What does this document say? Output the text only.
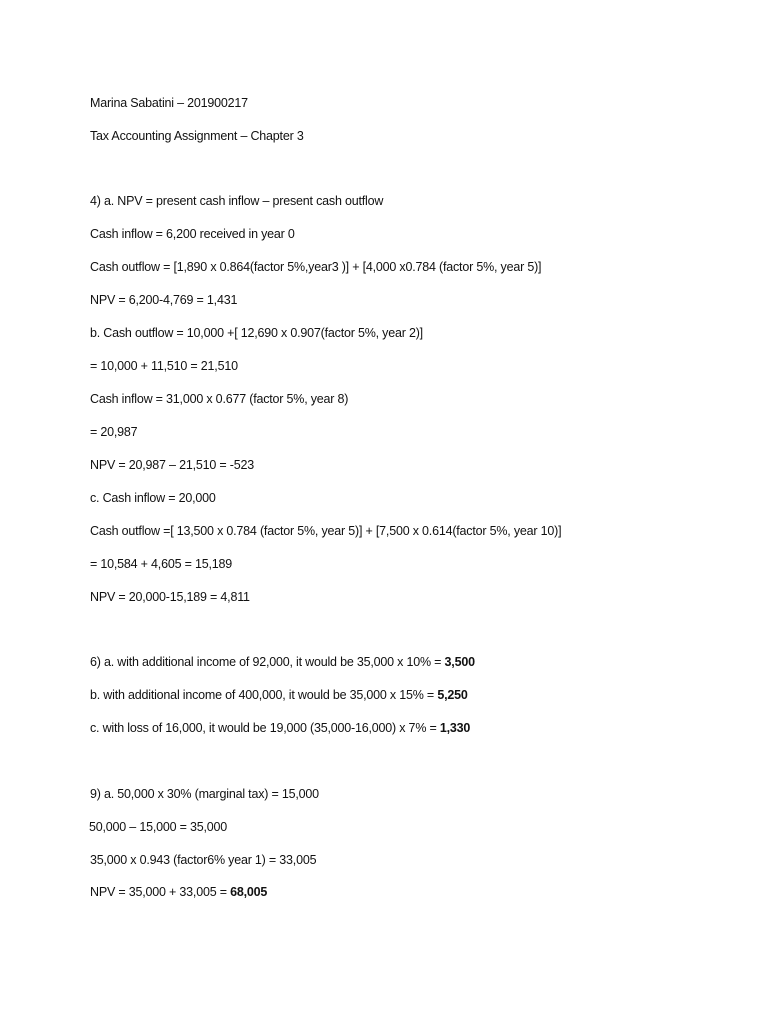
Marina Sabatini – 201900217
Tax Accounting Assignment – Chapter 3
4) a. NPV = present cash inflow – present cash outflow
Cash inflow = 6,200 received in year 0
Cash outflow = [1,890 x 0.864(factor 5%,year3 )] + [4,000 x0.784 (factor 5%, year 5)]
NPV = 6,200-4,769 = 1,431
b. Cash outflow = 10,000 +[ 12,690 x 0.907(factor 5%, year 2)]
= 10,000 + 11,510 = 21,510
Cash inflow = 31,000 x 0.677 (factor 5%, year 8)
= 20,987
NPV = 20,987 – 21,510 = -523
c. Cash inflow = 20,000
Cash outflow =[ 13,500 x 0.784 (factor 5%, year 5)] + [7,500 x 0.614(factor 5%, year 10)]
= 10,584 + 4,605 = 15,189
NPV = 20,000-15,189 = 4,811
6) a. with additional income of 92,000, it would be 35,000 x 10% = 3,500
b. with additional income of 400,000, it would be 35,000 x 15% = 5,250
c. with loss of 16,000, it would be 19,000 (35,000-16,000) x 7% = 1,330
9) a. 50,000 x 30% (marginal tax) = 15,000
50,000 – 15,000 = 35,000
35,000 x 0.943 (factor6% year 1) = 33,005
NPV = 35,000 + 33,005 = 68,005
